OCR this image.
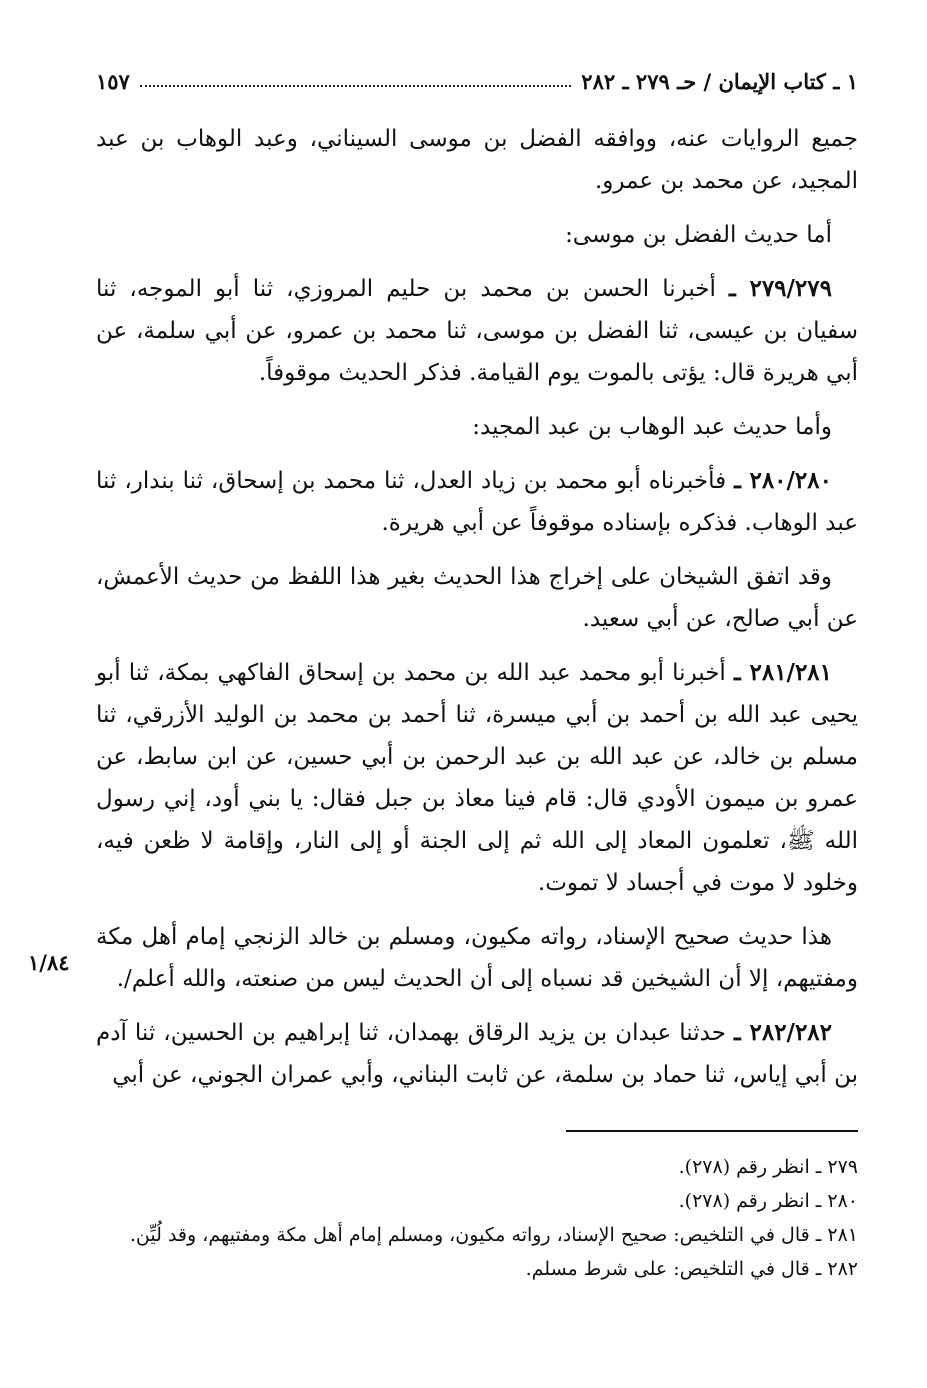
١ ـ كتاب الإيمان / حـ ٢٧٩ ـ ٢٨٢
١٥٧

جميع الروايات عنه، ووافقه الفضل بن موسى السيناني، وعبد الوهاب بن عبد المجيد، عن محمد بن عمرو.

أما حديث الفضل بن موسى:

٢٧٩/٢٧٩ ـ أخبرنا الحسن بن محمد بن حليم المروزي، ثنا أبو الموجه، ثنا سفيان بن عيسى، ثنا الفضل بن موسى، ثنا محمد بن عمرو، عن أبي سلمة، عن أبي هريرة قال: يؤتى بالموت يوم القيامة. فذكر الحديث موقوفاً.

وأما حديث عبد الوهاب بن عبد المجيد:

٢٨٠/٢٨٠ ـ فأخبرناه أبو محمد بن زياد العدل، ثنا محمد بن إسحاق، ثنا بندار، ثنا عبد الوهاب. فذكره بإسناده موقوفاً عن أبي هريرة.

وقد اتفق الشيخان على إخراج هذا الحديث بغير هذا اللفظ من حديث الأعمش، عن أبي صالح، عن أبي سعيد.

٢٨١/٢٨١ ـ أخبرنا أبو محمد عبد الله بن محمد بن إسحاق الفاكهي بمكة، ثنا أبو يحيى عبد الله بن أحمد بن أبي ميسرة، ثنا أحمد بن محمد بن الوليد الأزرقي، ثنا مسلم بن خالد، عن عبد الله بن عبد الرحمن بن أبي حسين، عن ابن سابط، عن عمرو بن ميمون الأودي قال: قام فينا معاذ بن جبل فقال: يا بني أود، إني رسول الله ﷺ، تعلمون المعاد إلى الله ثم إلى الجنة أو إلى النار، وإقامة لا ظعن فيه، وخلود لا موت في أجساد لا تموت.

هذا حديث صحيح الإسناد، رواته مكيون، ومسلم بن خالد الزنجي إمام أهل مكة ومفتيهم، إلا أن الشيخين قد نسباه إلى أن الحديث ليس من صنعته، والله أعلم/.

٢٨٢/٢٨٢ ـ حدثنا عبدان بن يزيد الرقاق بهمدان، ثنا إبراهيم بن الحسين، ثنا آدم بن أبي إياس، ثنا حماد بن سلمة، عن ثابت البناني، وأبي عمران الجوني، عن أبي

١/٨٤
٢٧٩ ـ انظر رقم (٢٧٨).
٢٨٠ ـ انظر رقم (٢٧٨).
٢٨١ ـ قال في التلخيص: صحيح الإسناد، رواته مكيون، ومسلم إمام أهل مكة ومفتيهم، وقد لُيِّن.
٢٨٢ ـ قال في التلخيص: على شرط مسلم.
